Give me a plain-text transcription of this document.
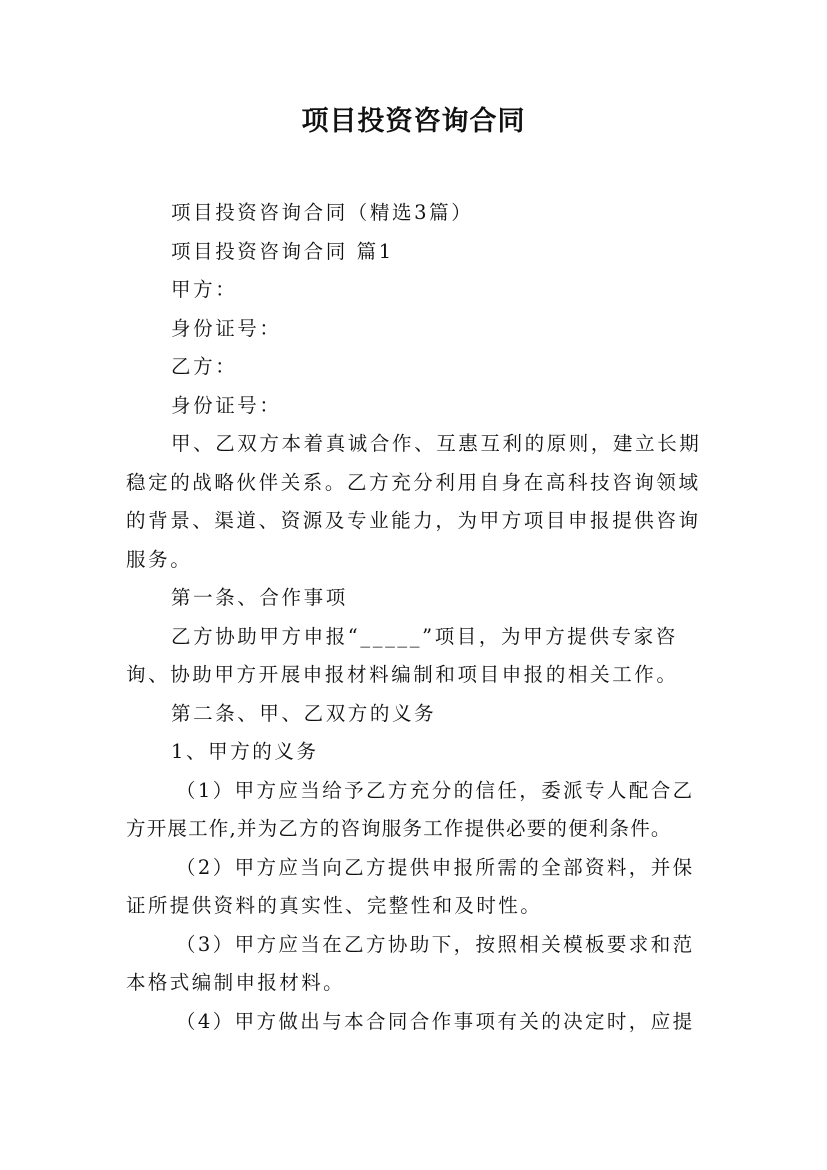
项目投资咨询合同

项目投资咨询合同（精选3篇）

项目投资咨询合同 篇1

甲方：

身份证号：

乙方：

身份证号：

甲、乙双方本着真诚合作、互惠互利的原则，建立长期
稳定的战略伙伴关系。乙方充分利用自身在高科技咨询领域
的背景、渠道、资源及专业能力，为甲方项目申报提供咨询
服务。

第一条、合作事项

乙方协助甲方申报“_____”项目，为甲方提供专家咨
询、协助甲方开展申报材料编制和项目申报的相关工作。

第二条、甲、乙双方的义务

1、甲方的义务

（1）甲方应当给予乙方充分的信任，委派专人配合乙
方开展工作,并为乙方的咨询服务工作提供必要的便利条件。
（2）甲方应当向乙方提供申报所需的全部资料，并保
证所提供资料的真实性、完整性和及时性。
（3）甲方应当在乙方协助下，按照相关模板要求和范
本格式编制申报材料。
（4）甲方做出与本合同合作事项有关的决定时，应提
